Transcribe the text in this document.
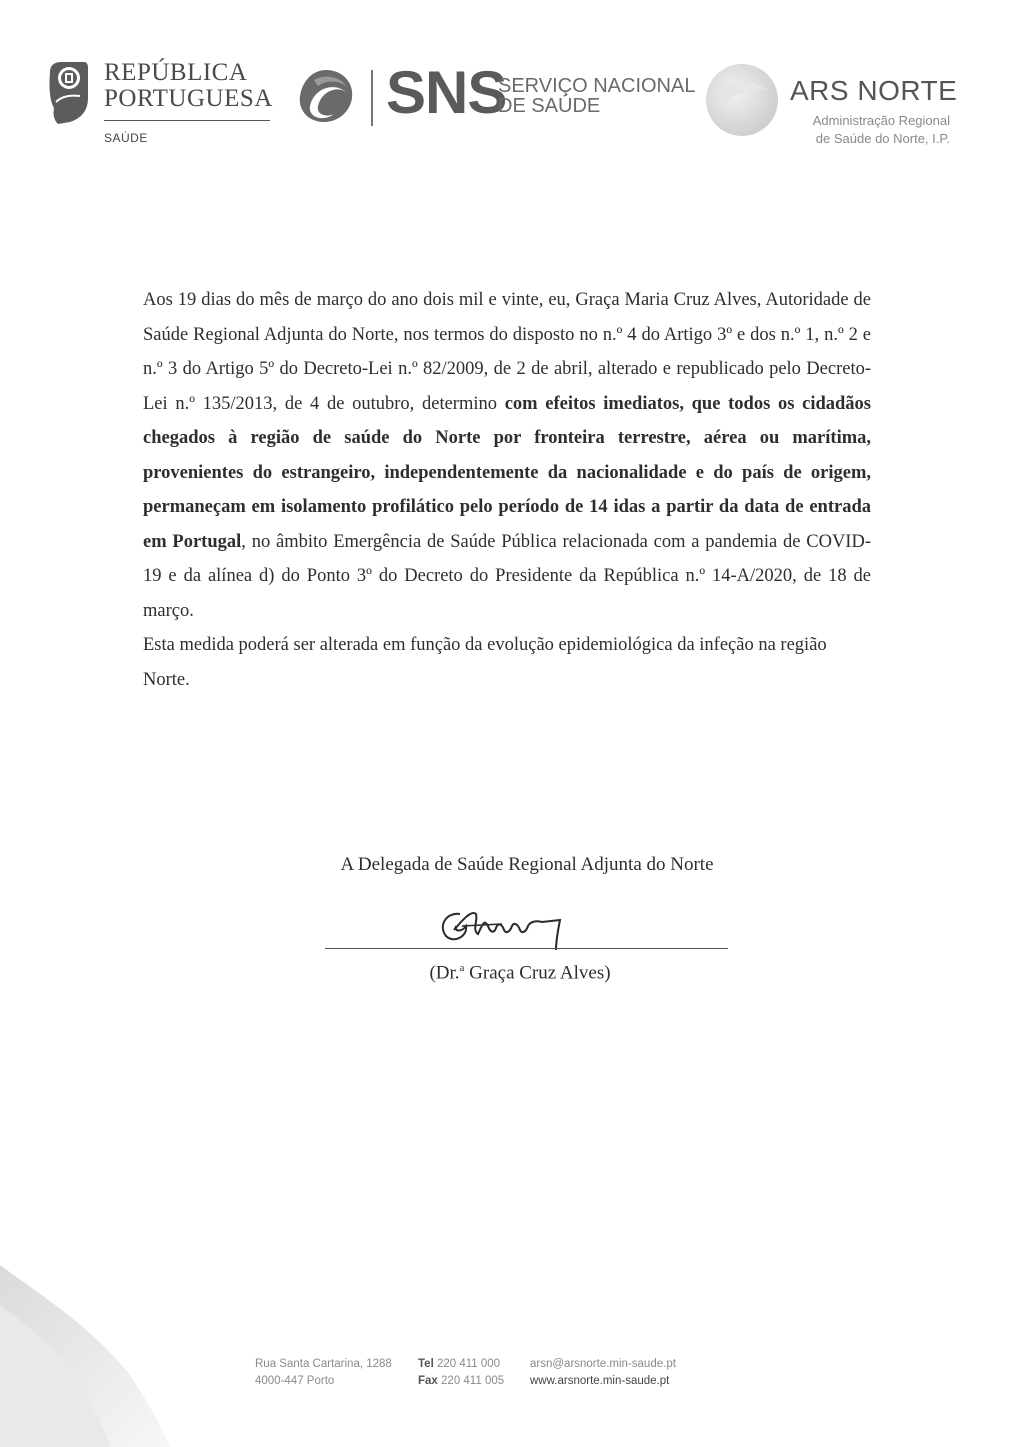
REPÚBLICA
PORTUGUESA
SAÚDE
SNS
SERVIÇO NACIONAL
DE SAÚDE	ARS NORTE
Administração Regional
de Saúde do Norte, I.P.

Aos 19 dias do mês de março do ano dois mil e vinte, eu, Graça Maria Cruz Alves, Autoridade de Saúde Regional Adjunta do Norte, nos termos do disposto no n.º 4 do Artigo 3º e dos n.º 1, n.º 2 e n.º 3 do Artigo 5º do Decreto-Lei n.º 82/2009, de 2 de abril, alterado e republicado pelo Decreto-Lei n.º 135/2013, de 4 de outubro, determino com efeitos imediatos, que todos os cidadãos chegados à região de saúde do Norte por fronteira terrestre, aérea ou marítima, provenientes do estrangeiro, independentemente da nacionalidade e do país de origem, permaneçam em isolamento profilático pelo período de 14 idas a partir da data de entrada em Portugal, no âmbito Emergência de Saúde Pública relacionada com a pandemia de COVID-19 e da alínea d) do Ponto 3º do Decreto do Presidente da República n.º 14-A/2020, de 18 de março.

Esta medida poderá ser alterada em função da evolução epidemiológica da infeção na região Norte.

A Delegada de Saúde Regional Adjunta do Norte
(Dr.$^a$ Graça Cruz Alves)
Rua Santa Cartarina, 1288
4000-447 Porto
Tel 220 411 000
Fax 220 411 005
arsn@arsnorte.min-saude.pt
www.arsnorte.min-saude.pt
